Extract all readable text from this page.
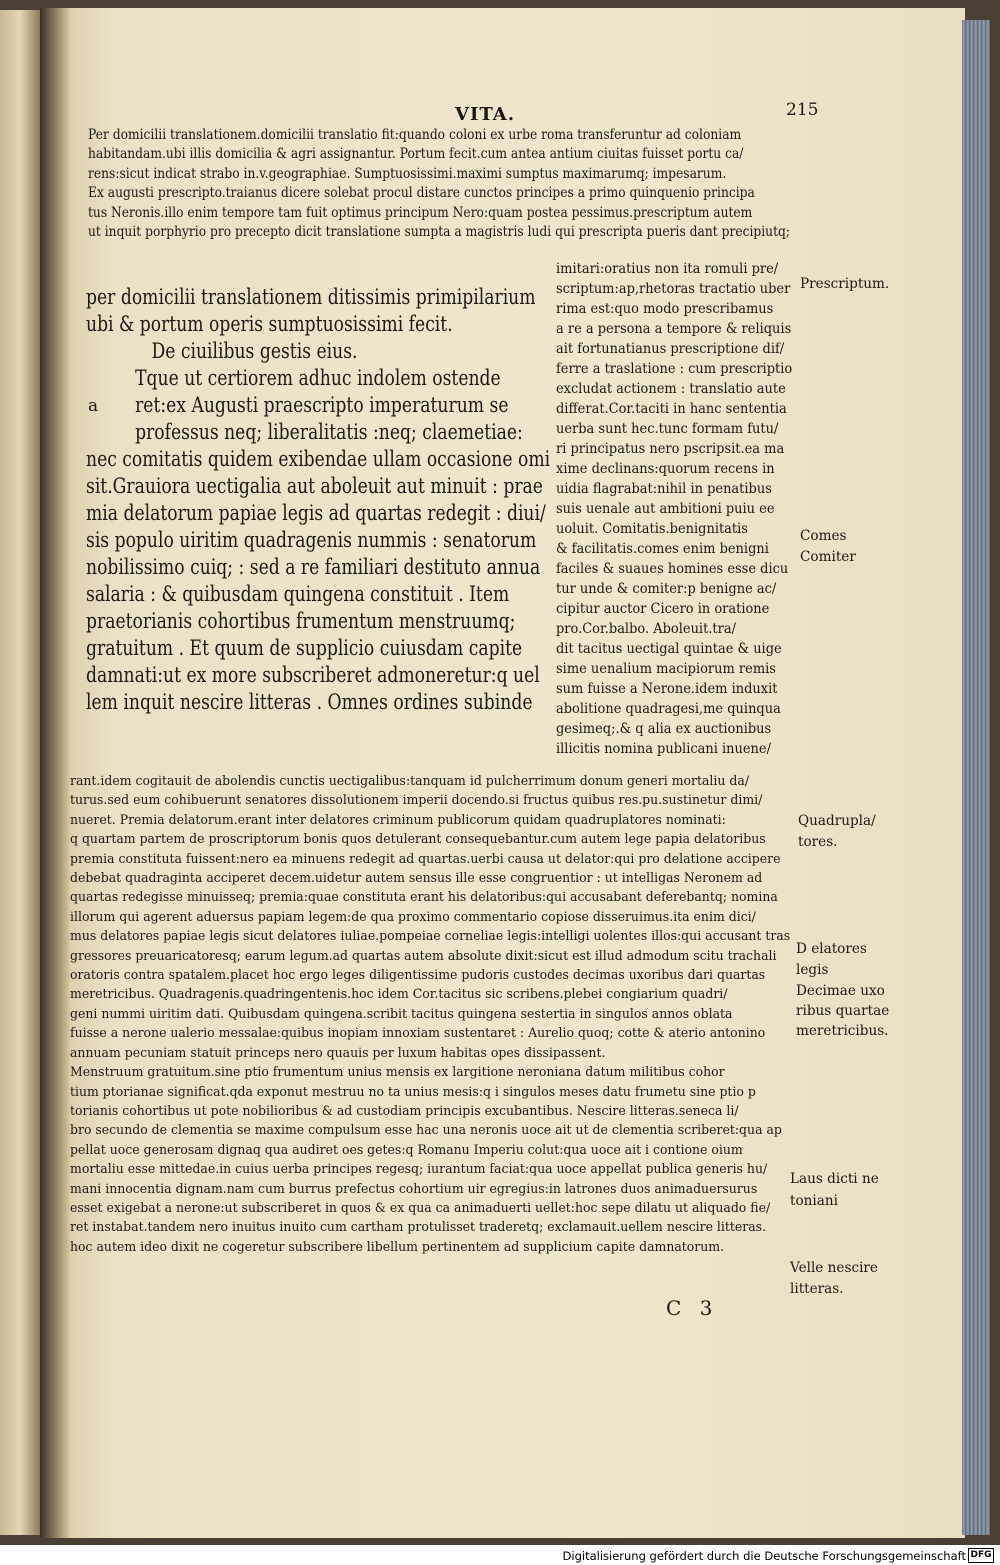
VITA.	215
Per domicilii translationem.domicilii translatio fit:quando coloni ex urbe roma transferuntur ad coloniam
habitandam.ubi illis domicilia & agri assignantur. Portum fecit.cum antea antium ciuitas fuisset portu ca/
rens:sicut indicat strabo in.v.geographiae. Sumptuosissimi.maximi sumptus maximarumq; impesarum.
Ex augusti prescripto.traianus dicere solebat procul distare cunctos principes a primo quinquenio principa
tus Neronis.illo enim tempore tam fuit optimus principum Nero:quam postea pessimus.prescriptum autem
ut inquit porphyrio pro precepto dicit translatione sumpta a magistris ludi qui prescripta pueris dant precipiutq;
per domicilii translationem ditissimis primipilarium
ubi & portum operis sumptuosissimi fecit.
De ciuilibus gestis eius.
Tque ut certiorem adhuc indolem ostende
ret:ex Augusti praescripto imperaturum se
professus neq; liberalitatis :neq; claemetiae:
nec comitatis quidem exibendae ullam occasione omi
sit.Grauiora uectigalia aut aboleuit aut minuit : prae
mia delatorum papiae legis ad quartas redegit : diui/
sis populo uiritim quadragenis nummis : senatorum
nobilissimo cuiq; : sed a re familiari destituto annua
salaria : & quibusdam quingena constituit . Item
praetorianis cohortibus frumentum menstruumq;
gratuitum . Et quum de supplicio cuiusdam capite
damnati:ut ex more subscriberet admoneretur:q uel
lem inquit nescire litteras . Omnes ordines subinde
a
imitari:oratius non ita romuli pre/
scriptum:ap,rhetoras tractatio uber
rima est:quo modo prescribamus
a re a persona a tempore & reliquis
ait fortunatianus prescriptione dif/
ferre a traslatione : cum prescriptio
excludat actionem : translatio aute
differat.Cor.taciti in hanc sententia
uerba sunt hec.tunc formam futu/
ri principatus nero pscripsit.ea ma
xime declinans:quorum recens in
uidia flagrabat:nihil in penatibus
suis uenale aut ambitioni puiu ee
uoluit. Comitatis.benignitatis
& facilitatis.comes enim benigni
faciles & suaues homines esse dicu
tur unde & comiter:p benigne ac/
cipitur auctor Cicero in oratione
pro.Cor.balbo. Aboleuit.tra/
dit tacitus uectigal quintae & uige
sime uenalium macipiorum remis
sum fuisse a Nerone.idem induxit
abolitione quadragesi,me quinqua
gesimeq;.& q alia ex auctionibus
illicitis nomina publicani inuene/
rant.idem cogitauit de abolendis cunctis uectigalibus:tanquam id pulcherrimum donum generi mortaliu da/
turus.sed eum cohibuerunt senatores dissolutionem imperii docendo.si fructus quibus res.pu.sustinetur dimi/
nueret. Premia delatorum.erant inter delatores criminum publicorum quidam quadruplatores nominati:
q quartam partem de proscriptorum bonis quos detulerant consequebantur.cum autem lege papia delatoribus
premia constituta fuissent:nero ea minuens redegit ad quartas.uerbi causa ut delator:qui pro delatione accipere
debebat quadraginta acciperet decem.uidetur autem sensus ille esse congruentior : ut intelligas Neronem ad
quartas redegisse minuisseq; premia:quae constituta erant his delatoribus:qui accusabant deferebantq; nomina
illorum qui agerent aduersus papiam legem:de qua proximo commentario copiose disseruimus.ita enim dici/
mus delatores papiae legis sicut delatores iuliae.pompeiae corneliae legis:intelligi uolentes illos:qui accusant tras
gressores preuaricatoresq; earum legum.ad quartas autem absolute dixit:sicut est illud admodum scitu trachali
oratoris contra spatalem.placet hoc ergo leges diligentissime pudoris custodes decimas uxoribus dari quartas
meretricibus. Quadragenis.quadringentenis.hoc idem Cor.tacitus sic scribens.plebei congiarium quadri/
geni nummi uiritim dati. Quibusdam quingena.scribit tacitus quingena sestertia in singulos annos oblata
fuisse a nerone ualerio messalae:quibus inopiam innoxiam sustentaret : Aurelio quoq; cotte & aterio antonino
annuam pecuniam statuit princeps nero quauis per luxum habitas opes dissipassent.
Menstruum gratuitum.sine ptio frumentum unius mensis ex largitione neroniana datum militibus cohor
tium ptorianae significat.qda exponut mestruu no ta unius mesis:q i singulos meses datu frumetu sine ptio p
torianis cohortibus ut pote nobilioribus & ad custodiam principis excubantibus. Nescire litteras.seneca li/
bro secundo de clementia se maxime compulsum esse hac una neronis uoce ait ut de clementia scriberet:qua ap
pellat uoce generosam dignaq qua audiret oes getes:q Romanu Imperiu colut:qua uoce ait i contione oium
mortaliu esse mittedae.in cuius uerba principes regesq; iurantum faciat:qua uoce appellat publica generis hu/
mani innocentia dignam.nam cum burrus prefectus cohortium uir egregius:in latrones duos animaduersurus
esset exigebat a nerone:ut subscriberet in quos & ex qua ca animaduerti uellet:hoc sepe dilatu ut aliquado fie/
ret instabat.tandem nero inuitus inuito cum cartham protulisset traderetq; exclamauit.uellem nescire litteras.
hoc autem ideo dixit ne cogeretur subscribere libellum pertinentem ad supplicium capite damnatorum.
Prescriptum.
Comes
Comiter
Quadrupla/
tores.
D elatores
legis
Decimae uxo
ribus quartae
meretricibus.
Laus dicti ne
toniani
Velle nescire
litteras.
C 3
Digitalisierung gefördert durch die Deutsche Forschungsgemeinschaft DFG
